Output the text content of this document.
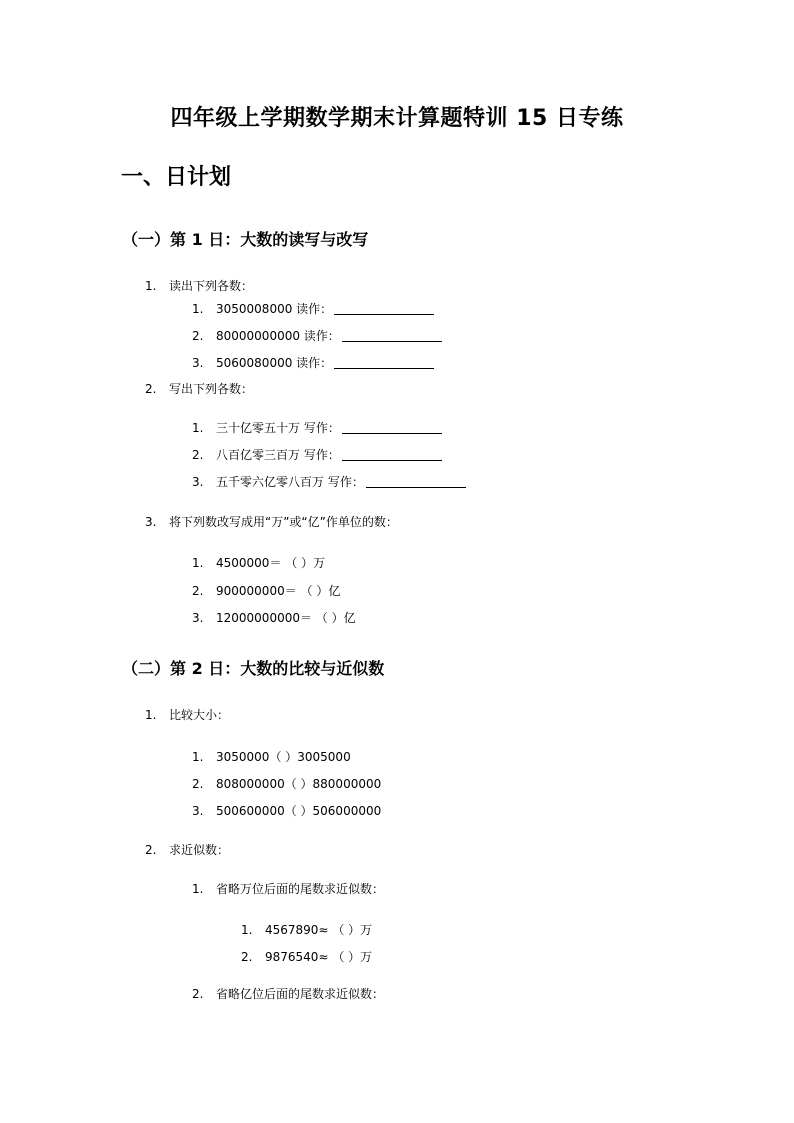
四年级上学期数学期末计算题特训 15 日专练
一、日计划
（一）第 1 日：大数的读写与改写
1. 读出下列各数：
1. 3050008000 读作：
2. 80000000000 读作：
3. 5060080000 读作：
2. 写出下列各数：
1. 三十亿零五十万 写作：
2. 八百亿零三百万 写作：
3. 五千零六亿零八百万 写作：
3. 将下列数改写成用“万”或“亿”作单位的数：
1. 4500000＝ （ ）万
2. 900000000＝ （ ）亿
3. 12000000000＝ （ ）亿
（二）第 2 日：大数的比较与近似数
1. 比较大小：
1. 3050000（ ）3005000
2. 808000000（ ）880000000
3. 500600000（ ）506000000
2. 求近似数：
1. 省略万位后面的尾数求近似数：
1. 4567890≈ （ ）万
2. 9876540≈ （ ）万
2. 省略亿位后面的尾数求近似数：
